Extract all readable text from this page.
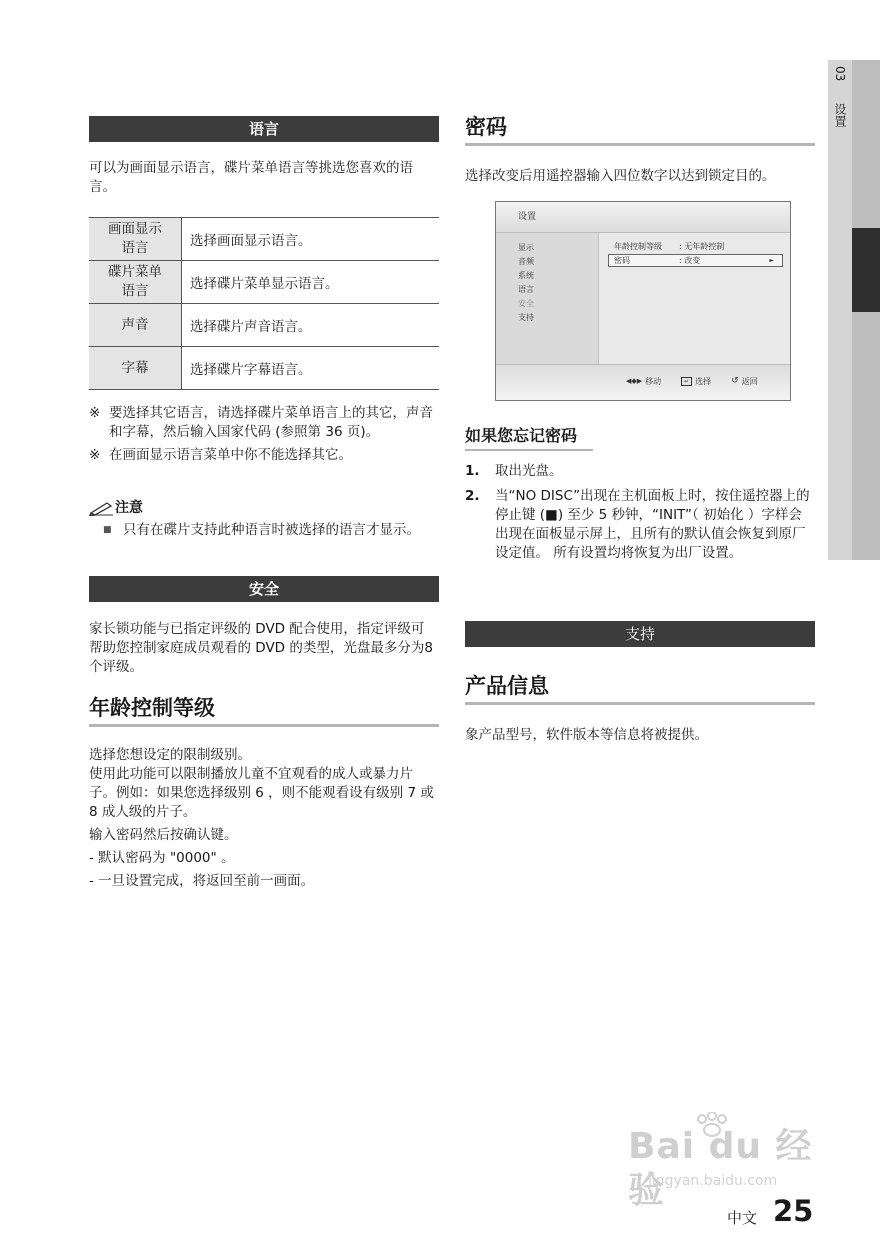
03  设置
语言
可以为画面显示语言，碟片菜单语言等挑选您喜欢的语言。
画面显示
语言	选择画面显示语言。
碟片菜单
语言	选择碟片菜单显示语言。
声音	选择碟片声音语言。
字幕	选择碟片字幕语言。
※ 要选择其它语言，请选择碟片菜单语言上的其它，声音和字幕，然后输入国家代码 (参照第 36 页)。
※ 在画面显示语言菜单中你不能选择其它。
注意
■ 只有在碟片支持此种语言时被选择的语言才显示。
安全
家长锁功能与已指定评级的 DVD 配合使用，指定评级可帮助您控制家庭成员观看的 DVD 的类型，光盘最多分为8 个评级。
年龄控制等级
选择您想设定的限制级别。
使用此功能可以限制播放儿童不宜观看的成人或暴力片子。例如：如果您选择级别 6 ，则不能观看设有级别 7 或 8 成人级的片子。
输入密码然后按确认键。
- 默认密码为 "0000" 。
- 一旦设置完成，将返回至前一画面。
密码
选择改变后用遥控器输入四位数字以达到锁定目的。
设置
显示
音频
系统
语言
安全
支持
年龄控制等级 : 无年龄控制
密码	: 改变	►
◀◆▶ 移动	↵ 选择 ↺ 返回
如果您忘记密码
1.	取出光盘。
2.	当“NO DISC”出现在主机面板上时，按住遥控器上的停止键 (■) 至少 5 秒钟，“INIT”（ 初始化 ）字样会出现在面板显示屏上，且所有的默认值会恢复到原厂设定值。 所有设置均将恢复为出厂设置。
支持
产品信息
象产品型号，软件版本等信息将被提供。
Bai du 经验
jingyan.baidu.com
中文 25
